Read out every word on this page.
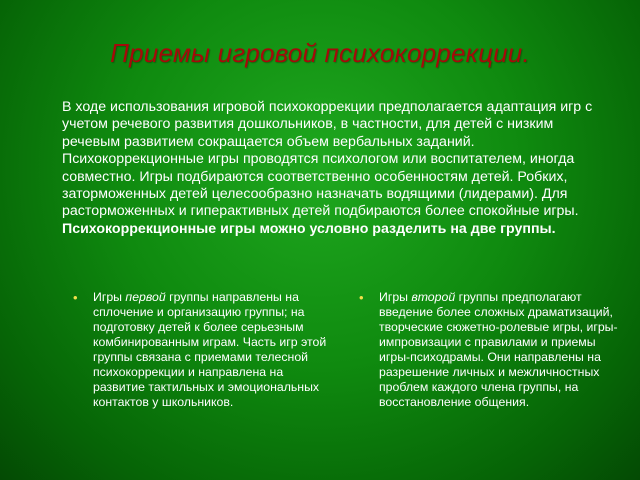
Приемы игровой психокоррекции.
В ходе использования игровой психокоррекции предполагается адаптация игр с учетом речевого развития дошкольников, в частности, для детей с низким речевым развитием сокращается объем вербальных заданий. Психокоррекционные игры проводятся психологом или воспитателем, иногда совместно. Игры подбираются соответственно особенностям детей. Робких, заторможенных детей целесообразно назначать водящими (лидерами). Для расторможенных и гиперактивных детей подбираются более спокойные игры. Психокоррекционные игры можно условно разделить на две группы.
• Игры первой группы направлены на сплочение и организацию группы; на подготовку детей к более серьезным комбинированным играм. Часть игр этой группы связана с приемами телесной психокоррекции и направлена на развитие тактильных и эмоциональных контактов у школьников.
• Игры второй группы предполагают введение более сложных драматизаций, творческие сюжетно-ролевые игры, игры-импровизации с правилами и приемы игры-психодрамы. Они направлены на разрешение личных и межличностных проблем каждого члена группы, на восстановление общения.
